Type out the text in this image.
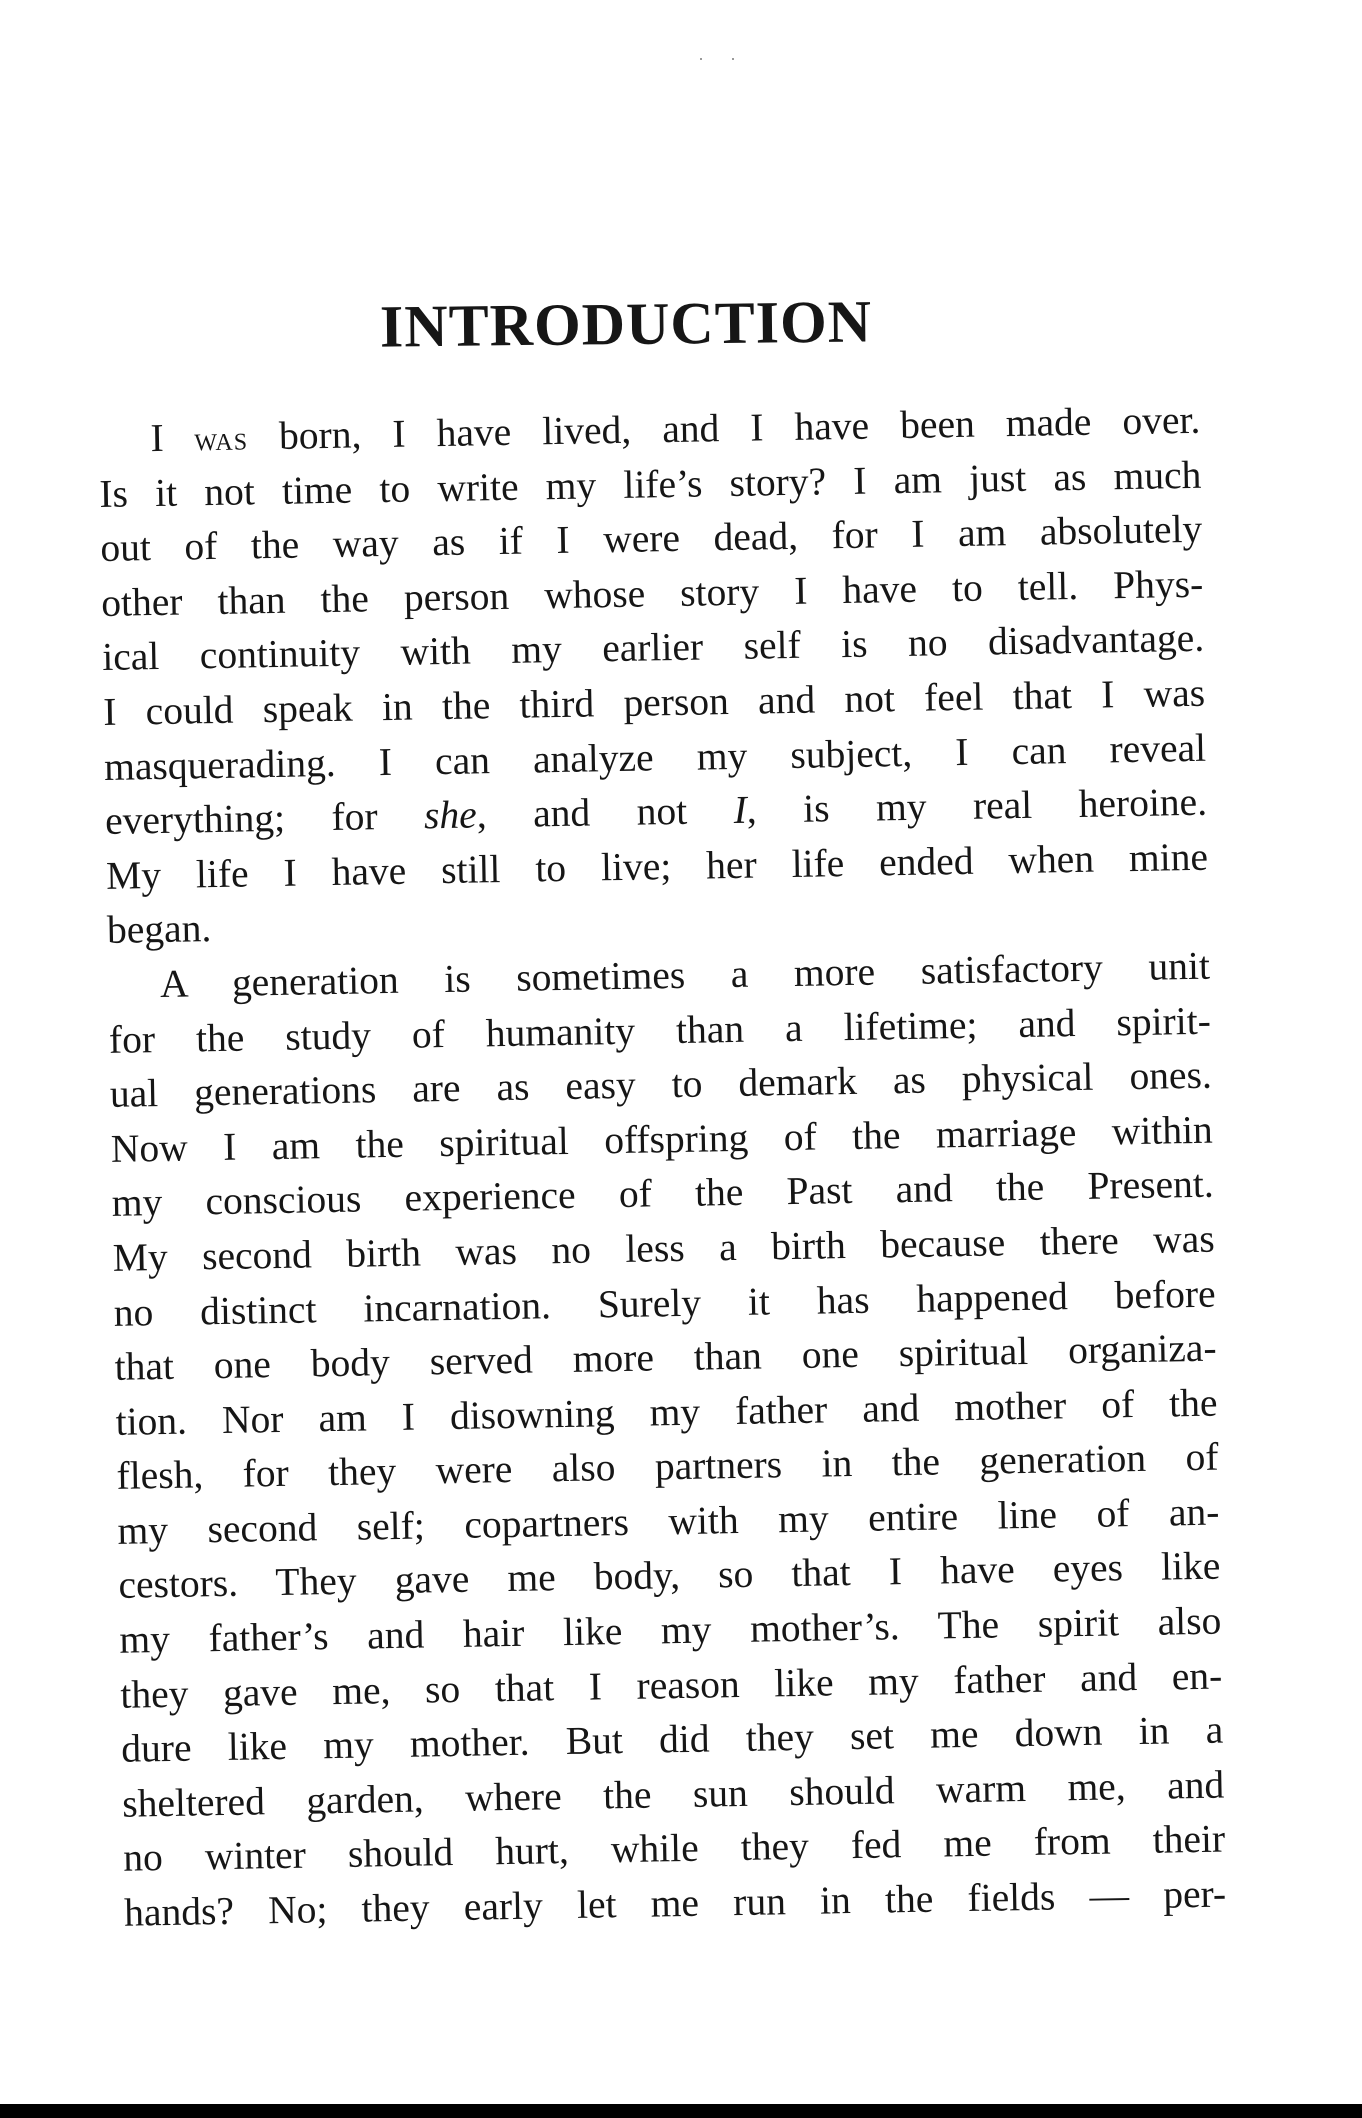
INTRODUCTION
I was born, I have lived, and I have been made over.
Is it not time to write my life’s story? I am just as much
out of the way as if I were dead, for I am absolutely
other than the person whose story I have to tell. Phys-
ical continuity with my earlier self is no disadvantage.
I could speak in the third person and not feel that I was
masquerading. I can analyze my subject, I can reveal
everything; for she, and not I, is my real heroine.
My life I have still to live; her life ended when mine
began.
A generation is sometimes a more satisfactory unit
for the study of humanity than a lifetime; and spirit-
ual generations are as easy to demark as physical ones.
Now I am the spiritual offspring of the marriage within
my conscious experience of the Past and the Present.
My second birth was no less a birth because there was
no distinct incarnation. Surely it has happened before
that one body served more than one spiritual organiza-
tion. Nor am I disowning my father and mother of the
flesh, for they were also partners in the generation of
my second self; copartners with my entire line of an-
cestors. They gave me body, so that I have eyes like
my father’s and hair like my mother’s. The spirit also
they gave me, so that I reason like my father and en-
dure like my mother. But did they set me down in a
sheltered garden, where the sun should warm me, and
no winter should hurt, while they fed me from their
hands? No; they early let me run in the fields — per-
